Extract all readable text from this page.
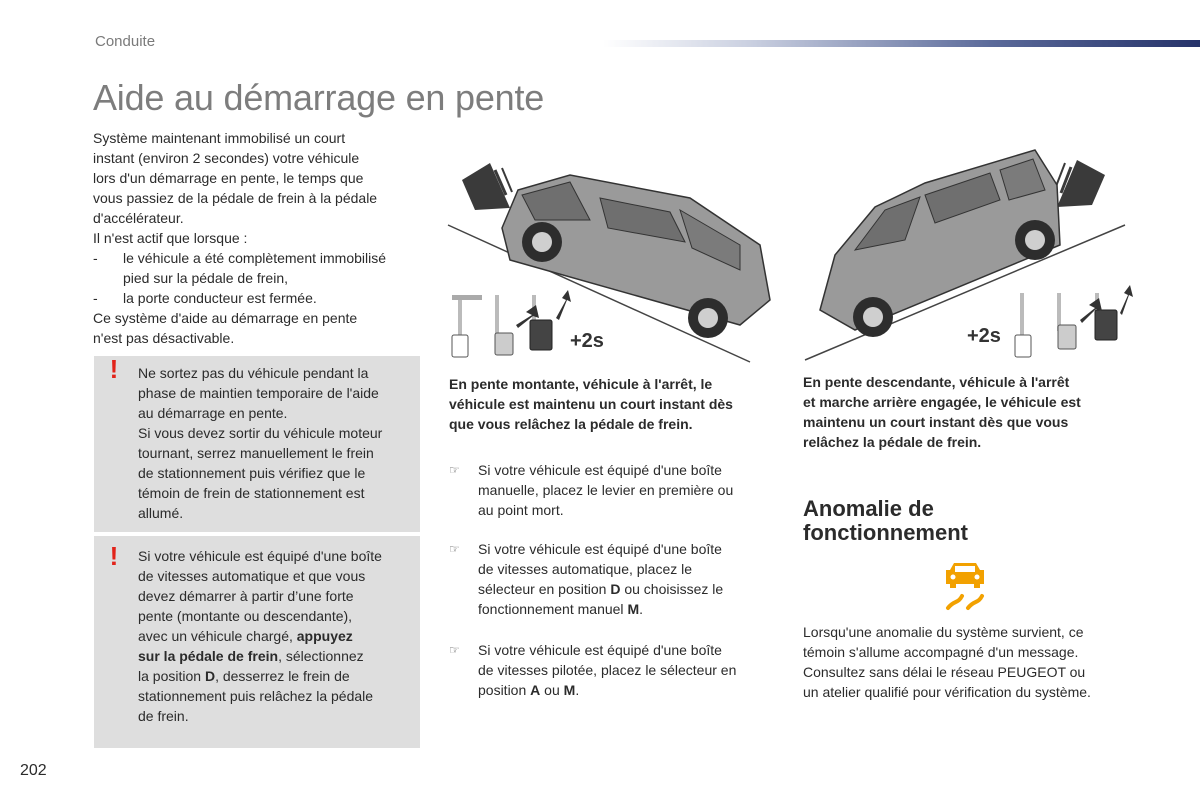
Conduite
Aide au démarrage en pente

Système maintenant immobilisé un court

instant (environ 2 secondes) votre véhicule

lors d'un démarrage en pente, le temps que

vous passiez de la pédale de frein à la pédale

d'accélérateur.

Il n'est actif que lorsque :

- le véhicule a été complètement immobilisé

pied sur la pédale de frein,

- la porte conducteur est fermée.

Ce système d'aide au démarrage en pente

n'est pas désactivable.

! Ne sortez pas du véhicule pendant la

phase de maintien temporaire de l'aide

au démarrage en pente.

Si vous devez sortir du véhicule moteur

tournant, serrez manuellement le frein

de stationnement puis vérifiez que le

témoin de frein de stationnement est

allumé.

! Si votre véhicule est équipé d'une boîte

de vitesses automatique et que vous

devez démarrer à partir d’une forte

pente (montante ou descendante),

avec un véhicule chargé, appuyez

sur la pédale de frein, sélectionnez

la position D, desserrez le frein de

stationnement puis relâchez la pédale

de frein.

+2s	+2s

En pente montante, véhicule à l'arrêt, le

véhicule est maintenu un court instant dès

que vous relâchez la pédale de frein.

En pente descendante, véhicule à l'arrêt

et marche arrière engagée, le véhicule est

maintenu un court instant dès que vous

relâchez la pédale de frein.

☞ Si votre véhicule est équipé d'une boîte
manuelle, placez le levier en première ou
au point mort.
☞ Si votre véhicule est équipé d'une boîte
de vitesses automatique, placez le
sélecteur en position D ou choisissez le
fonctionnement manuel M.
☞ Si votre véhicule est équipé d'une boîte
de vitesses pilotée, placez le sélecteur en
position A ou M.
Anomalie de
fonctionnement

Lorsqu'une anomalie du système survient, ce

témoin s'allume accompagné d'un message.

Consultez sans délai le réseau PEUGEOT ou

un atelier qualifié pour vérification du système.

202
